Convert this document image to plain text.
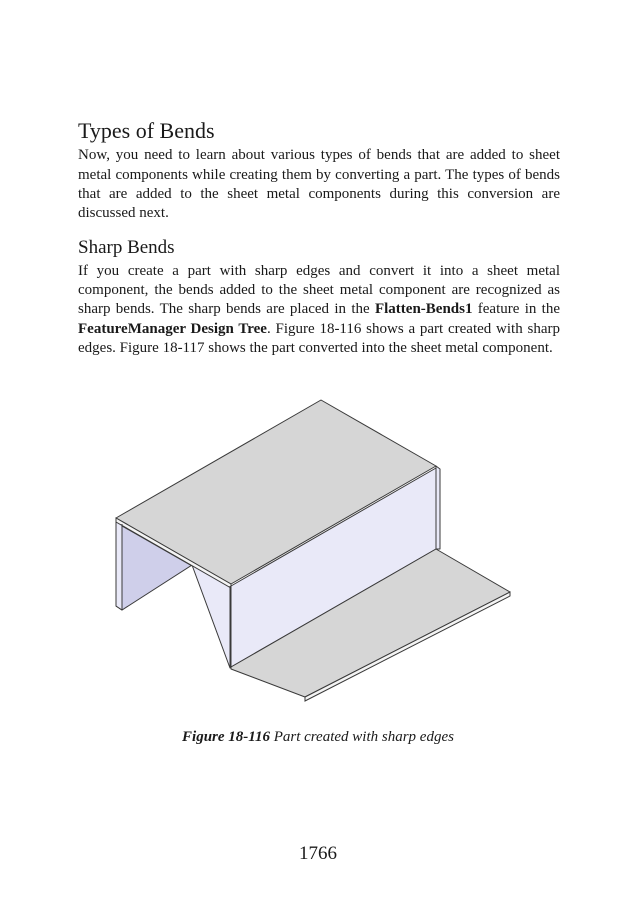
Types of Bends

Now, you need to learn about various types of bends that are added to sheet metal components while creating them by converting a part. The types of bends that are added to the sheet metal components during this conversion are discussed next.

Sharp Bends

If you create a part with sharp edges and convert it into a sheet metal component, the bends added to the sheet metal component are recognized as sharp bends. The sharp bends are placed in the Flatten-Bends1 feature in the FeatureManager Design Tree. Figure 18-116 shows a part created with sharp edges. Figure 18-117 shows the part converted into the sheet metal component.

Figure 18-116 Part created with sharp edges
1766
